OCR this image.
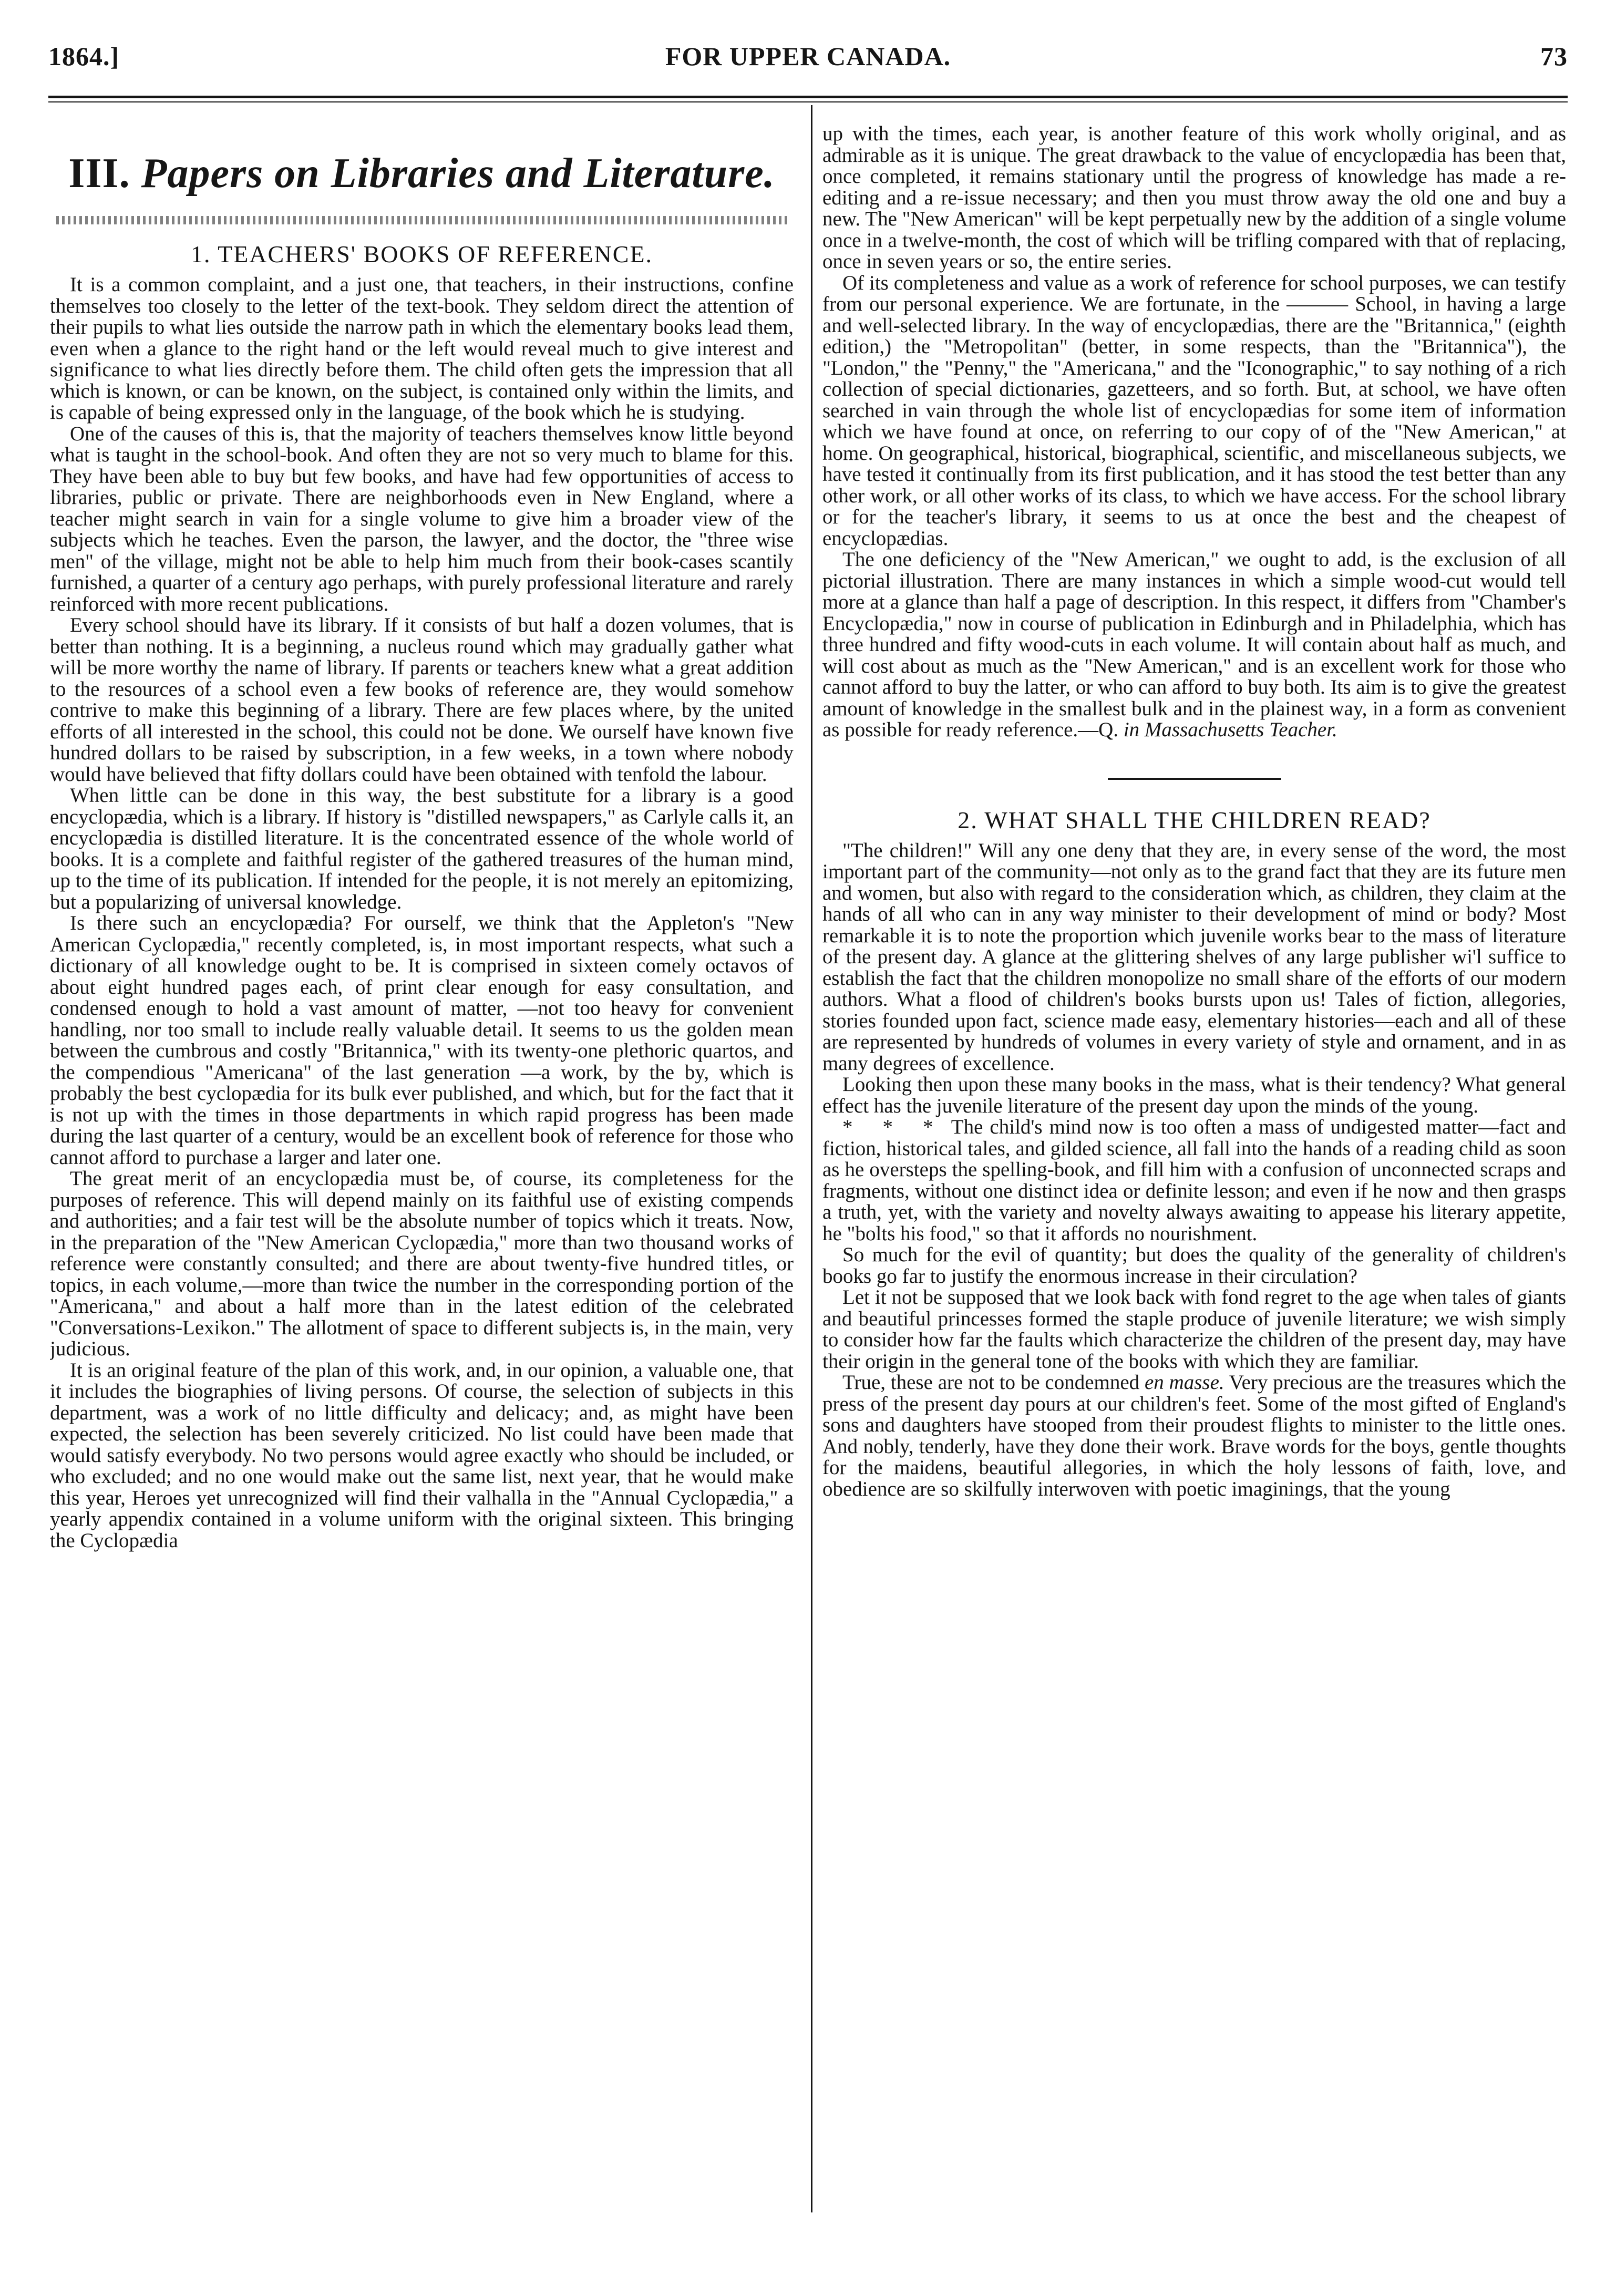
1864.]	FOR UPPER CANADA.	73
III. Papers on Libraries and Literature.
1. TEACHERS' BOOKS OF REFERENCE.

It is a common complaint, and a just one, that teachers, in their instructions, confine themselves too closely to the letter of the text-book. They seldom direct the attention of their pupils to what lies outside the narrow path in which the elementary books lead them, even when a glance to the right hand or the left would reveal much to give interest and significance to what lies directly before them. The child often gets the impression that all which is known, or can be known, on the subject, is contained only within the limits, and is capable of being expressed only in the language, of the book which he is studying.

One of the causes of this is, that the majority of teachers themselves know little beyond what is taught in the school-book. And often they are not so very much to blame for this. They have been able to buy but few books, and have had few opportunities of access to libraries, public or private. There are neighborhoods even in New England, where a teacher might search in vain for a single volume to give him a broader view of the subjects which he teaches. Even the parson, the lawyer, and the doctor, the "three wise men" of the village, might not be able to help him much from their book-cases scantily furnished, a quarter of a century ago perhaps, with purely professional literature and rarely reinforced with more recent publications.

Every school should have its library. If it consists of but half a dozen volumes, that is better than nothing. It is a beginning, a nucleus round which may gradually gather what will be more worthy the name of library. If parents or teachers knew what a great addition to the resources of a school even a few books of reference are, they would somehow contrive to make this beginning of a library. There are few places where, by the united efforts of all interested in the school, this could not be done. We ourself have known five hundred dollars to be raised by subscription, in a few weeks, in a town where nobody would have believed that fifty dollars could have been obtained with tenfold the labour.

When little can be done in this way, the best substitute for a library is a good encyclopædia, which is a library. If history is "distilled newspapers," as Carlyle calls it, an encyclopædia is distilled literature. It is the concentrated essence of the whole world of books. It is a complete and faithful register of the gathered treasures of the human mind, up to the time of its publication. If intended for the people, it is not merely an epitomizing, but a popularizing of universal knowledge.

Is there such an encyclopædia? For ourself, we think that the Appleton's "New American Cyclopædia," recently completed, is, in most important respects, what such a dictionary of all knowledge ought to be. It is comprised in sixteen comely octavos of about eight hundred pages each, of print clear enough for easy consultation, and condensed enough to hold a vast amount of matter, —not too heavy for convenient handling, nor too small to include really valuable detail. It seems to us the golden mean between the cumbrous and costly "Britannica," with its twenty-one plethoric quartos, and the compendious "Americana" of the last generation —a work, by the by, which is probably the best cyclopædia for its bulk ever published, and which, but for the fact that it is not up with the times in those departments in which rapid progress has been made during the last quarter of a century, would be an excellent book of reference for those who cannot afford to purchase a larger and later one.

The great merit of an encyclopædia must be, of course, its completeness for the purposes of reference. This will depend mainly on its faithful use of existing compends and authorities; and a fair test will be the absolute number of topics which it treats. Now, in the preparation of the "New American Cyclopædia," more than two thousand works of reference were constantly consulted; and there are about twenty-five hundred titles, or topics, in each volume,—more than twice the number in the corresponding portion of the "Americana," and about a half more than in the latest edition of the celebrated "Conversations-Lexikon." The allotment of space to different subjects is, in the main, very judicious.

It is an original feature of the plan of this work, and, in our opinion, a valuable one, that it includes the biographies of living persons. Of course, the selection of subjects in this department, was a work of no little difficulty and delicacy; and, as might have been expected, the selection has been severely criticized. No list could have been made that would satisfy everybody. No two persons would agree exactly who should be included, or who excluded; and no one would make out the same list, next year, that he would make this year, Heroes yet unrecognized will find their valhalla in the "Annual Cyclopædia," a yearly appendix contained in a volume uniform with the original sixteen. This bringing the Cyclopædia

up with the times, each year, is another feature of this work wholly original, and as admirable as it is unique. The great drawback to the value of encyclopædia has been that, once completed, it remains stationary until the progress of knowledge has made a re-editing and a re-issue necessary; and then you must throw away the old one and buy a new. The "New American" will be kept perpetually new by the addition of a single volume once in a twelve-month, the cost of which will be trifling compared with that of replacing, once in seven years or so, the entire series.

Of its completeness and value as a work of reference for school purposes, we can testify from our personal experience. We are fortunate, in the ——— School, in having a large and well-selected library. In the way of encyclopædias, there are the "Britannica," (eighth edition,) the "Metropolitan" (better, in some respects, than the "Britannica"), the "London," the "Penny," the "Americana," and the "Iconographic," to say nothing of a rich collection of special dictionaries, gazetteers, and so forth. But, at school, we have often searched in vain through the whole list of encyclopædias for some item of information which we have found at once, on referring to our copy of of the "New American," at home. On geographical, historical, biographical, scientific, and miscellaneous subjects, we have tested it continually from its first publication, and it has stood the test better than any other work, or all other works of its class, to which we have access. For the school library or for the teacher's library, it seems to us at once the best and the cheapest of encyclopædias.

The one deficiency of the "New American," we ought to add, is the exclusion of all pictorial illustration. There are many instances in which a simple wood-cut would tell more at a glance than half a page of description. In this respect, it differs from "Chamber's Encyclopædia," now in course of publication in Edinburgh and in Philadelphia, which has three hundred and fifty wood-cuts in each volume. It will contain about half as much, and will cost about as much as the "New American," and is an excellent work for those who cannot afford to buy the latter, or who can afford to buy both. Its aim is to give the greatest amount of knowledge in the smallest bulk and in the plainest way, in a form as convenient as possible for ready reference.—Q. in Massachusetts Teacher.

2. WHAT SHALL THE CHILDREN READ?

"The children!" Will any one deny that they are, in every sense of the word, the most important part of the community—not only as to the grand fact that they are its future men and women, but also with regard to the consideration which, as children, they claim at the hands of all who can in any way minister to their development of mind or body? Most remarkable it is to note the proportion which juvenile works bear to the mass of literature of the present day. A glance at the glittering shelves of any large publisher wi'l suffice to establish the fact that the children monopolize no small share of the efforts of our modern authors. What a flood of children's books bursts upon us! Tales of fiction, allegories, stories founded upon fact, science made easy, elementary histories—each and all of these are represented by hundreds of volumes in every variety of style and ornament, and in as many degrees of excellence.

Looking then upon these many books in the mass, what is their tendency? What general effect has the juvenile literature of the present day upon the minds of the young.

* * * The child's mind now is too often a mass of undigested matter—fact and fiction, historical tales, and gilded science, all fall into the hands of a reading child as soon as he oversteps the spelling-book, and fill him with a confusion of unconnected scraps and fragments, without one distinct idea or definite lesson; and even if he now and then grasps a truth, yet, with the variety and novelty always awaiting to appease his literary appetite, he "bolts his food," so that it affords no nourishment.

So much for the evil of quantity; but does the quality of the generality of children's books go far to justify the enormous increase in their circulation?

Let it not be supposed that we look back with fond regret to the age when tales of giants and beautiful princesses formed the staple produce of juvenile literature; we wish simply to consider how far the faults which characterize the children of the present day, may have their origin in the general tone of the books with which they are familiar.

True, these are not to be condemned en masse. Very precious are the treasures which the press of the present day pours at our children's feet. Some of the most gifted of England's sons and daughters have stooped from their proudest flights to minister to the little ones. And nobly, tenderly, have they done their work. Brave words for the boys, gentle thoughts for the maidens, beautiful allegories, in which the holy lessons of faith, love, and obedience are so skilfully interwoven with poetic imaginings, that the young
